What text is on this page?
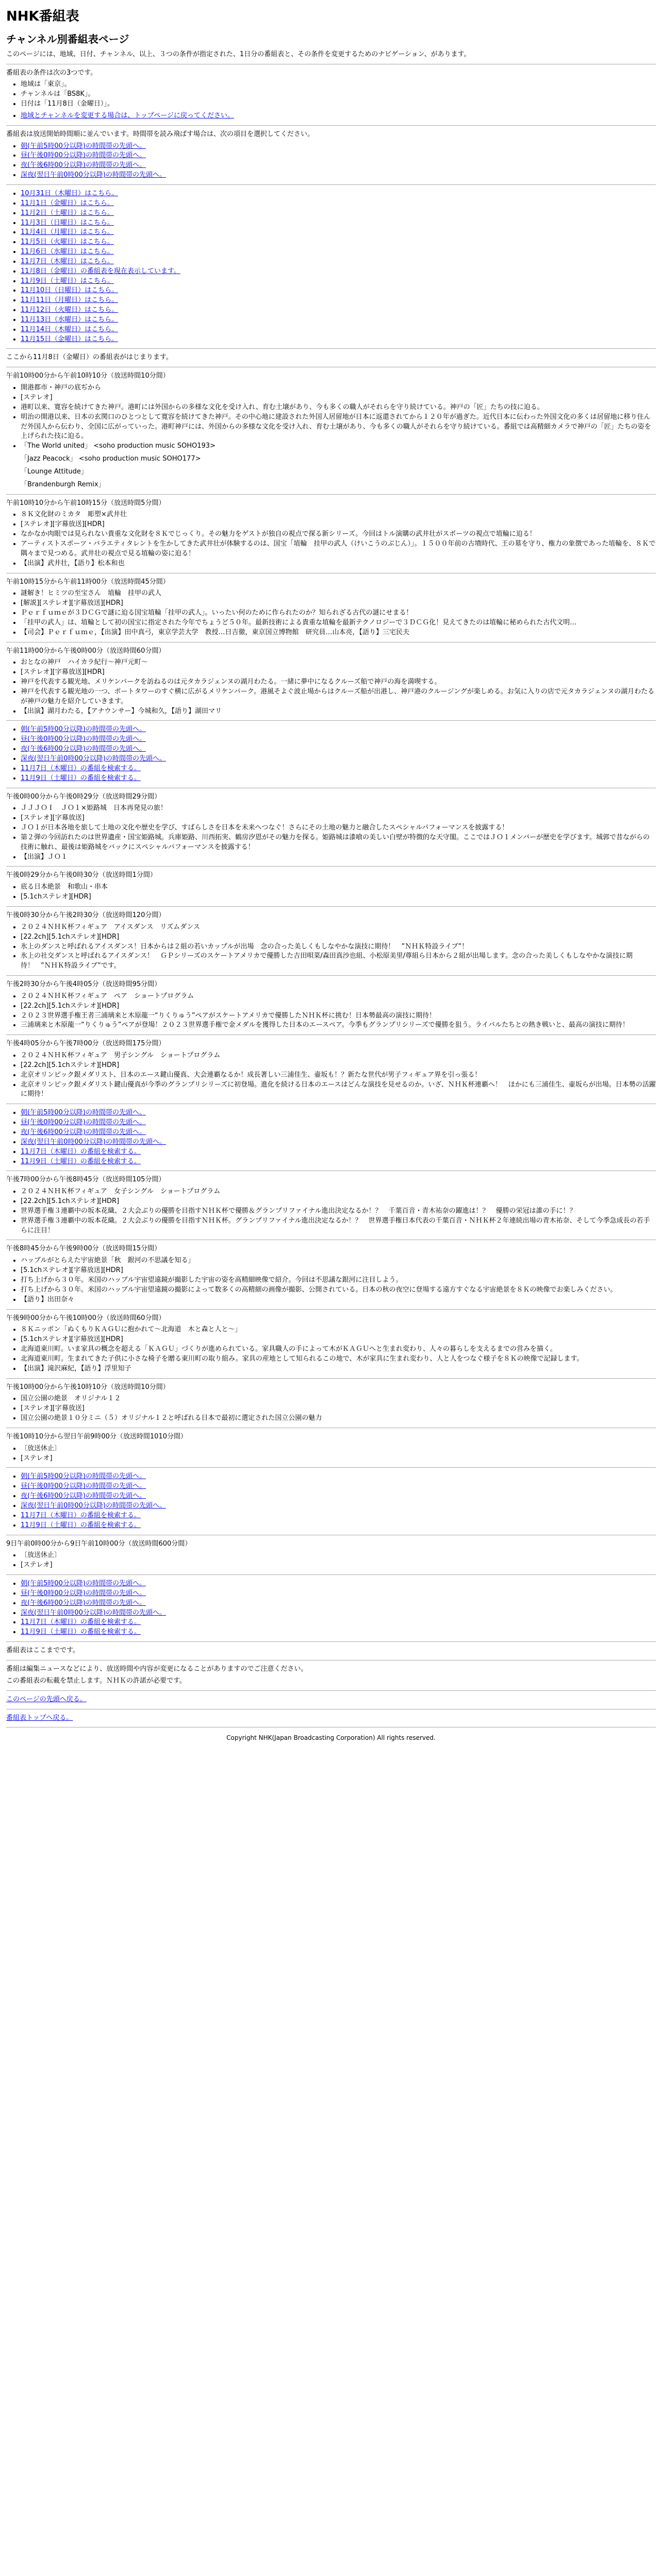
NHK番組表
チャンネル別番組表ページ

このページには、地域、日付、チャンネル、以上、３つの条件が指定された、1日分の番組表と、その条件を変更するためのナビゲーション、があります。

番組表の条件は次の3つです。

• 地域は「東京」。
• チャンネルは「BS8K」。
• 日付は「11月8日（金曜日）」。
• 地域とチャンネルを変更する場合は、トップページに戻ってください。

番組表は放送開始時間順に並んでいます。時間帯を読み飛ばす場合は、次の項目を選択してください。

• 朝(午前5時00分以降)の時間帯の先頭へ。
• 昼(午後0時00分以降)の時間帯の先頭へ。
• 夜(午後6時00分以降)の時間帯の先頭へ。
• 深夜(翌日午前0時00分以降)の時間帯の先頭へ。
• 10月31日（木曜日）はこちら。
• 11月1日（金曜日）はこちら。
• 11月2日（土曜日）はこちら。
• 11月3日（日曜日）はこちら。
• 11月4日（月曜日）はこちら。
• 11月5日（火曜日）はこちら。
• 11月6日（水曜日）はこちら。
• 11月7日（木曜日）はこちら。
• 11月8日（金曜日）の番組表を現在表示しています。
• 11月9日（土曜日）はこちら。
• 11月10日（日曜日）はこちら。
• 11月11日（月曜日）はこちら。
• 11月12日（火曜日）はこちら。
• 11月13日（水曜日）はこちら。
• 11月14日（木曜日）はこちら。
• 11月15日（金曜日）はこちら。

ここから11月8日（金曜日）の番組表がはじまります。

午前10時00分から午前10時10分（放送時間10分間）

• 開港都市・神戸の底ぢから
• [ステレオ]
• 港町以来、寛容を続けてきた神戸。港町には外国からの多様な文化を受け入れ、育む土壌があり、今も多くの職人がそれらを守り続けている。神戸の「匠」たちの技に迫る。
• 明治の開港以来、日本の玄関口のひとつとして寛容を続けてきた神戸。その中心地に建設された外国人居留地が日本に返還されてから１２０年が過ぎた。近代日本に伝わった外国文化の多くは居留地に移り住んだ外国人から伝わり、全国に広がっていった。港町神戸には、外国からの多様な文化を受け入れ、育む土壌があり、今も多くの職人がそれらを守り続けている。番組では高精細カメラで神戸の「匠」たちの姿を上げられた技に迫る。
• 「The World united」 <soho production music SOHO193>
「Jazz Peacock」 <soho production music SOHO177>
「Lounge Attitude」
「Brandenburgh Remix」

午前10時10分から午前10時15分（放送時間5分間）

• ８Ｋ文化財のミカタ　彫塑×武井壮
• [ステレオ][字幕放送][HDR]
• なかなか肉眼では見られない貴重な文化財を８Ｋでじっくり。その魅力をゲストが独自の視点で探る新シリーズ。今回はトル演購の武井壮がスポーツの視点で埴輪に迫る！
• アーティストスポーツ・バラエティタレントを生かしてきた武井壮が体験するのは、国宝「埴輪　挂甲の武人（けいこうのぶじん）」。１５００年前の古墳時代、王の墓を守り、権力の象徴であった埴輪を、８Ｋで隅々まで見つめる。武井壮の視点で見る埴輪の姿に迫る！
• 【出演】武井壮，【語り】松本和也

午前10時15分から午前11時00分（放送時間45分間）

• 謎解き！ヒミツの至宝さん　埴輪　挂甲の武人
• [解説][ステレオ][字幕放送][HDR]
• Ｐｅｒｆｕｍｅが３ＤＣＧで謎に迫る国宝埴輪「挂甲の武人」。いったい何のために作られたのか？知られざる古代の謎にせまる！
• 「挂甲の武人」は、埴輪として初の国宝に指定された今年でちょうど５０年。最新技術による貴重な埴輪を最新テクノロジーで３ＤＣＧ化！見えてきたのは埴輪に秘められた古代文明…
• 【司会】Ｐｅｒｆｕｍｅ，【出演】田中真弓，東京学芸大学　教授…日吉徹，東京国立博物館　研究員…山本亮，【語り】三宅民夫

午前11時00分から午後0時00分（放送時間60分間）

• おとなの神戸　ハイカラ紀行〜神戸元町〜
• [ステレオ][字幕放送][HDR]
• 神戸を代表する観光地、メリケンパークを訪ねるのは元タカラジェンヌの湖月わたる。一緒に夢中になるクルーズ船で神戸の海を満喫する。
• 神戸を代表する観光地の一つ、ポートタワーのすぐ横に広がるメリケンパーク。港風そよぐ波止場からはクルーズ船が出港し、神戸港のクルージングが楽しめる。お気に入りの店で元タカラジェンヌの湖月わたるが神戸の魅力を紹介していきます。
• 【出演】湖月わたる，【アナウンサー】今城和久，【語り】湖田マリ
• 朝(午前5時00分以降)の時間帯の先頭へ。
• 昼(午後0時00分以降)の時間帯の先頭へ。
• 夜(午後6時00分以降)の時間帯の先頭へ。
• 深夜(翌日午前0時00分以降)の時間帯の先頭へ。
• 11月7日（木曜日）の番組を検索する。
• 11月9日（土曜日）の番組を検索する。

午後0時00分から午後0時29分（放送時間29分間）

• ＪＪＪＯＩ　ＪＯ１×姫路城　日本再発見の旅！
• [ステレオ][字幕放送]
• ＪＯ１が日本各地を旅して土地の文化や歴史を学び、すばらしさを日本を未来へつなぐ！さらにその土地の魅力と融合したスペシャルパフォーマンスを披露する！
• 第２弾の今回訪れたのは世界遺産・国宝姫路城。兵庫姫路、川西拓実、鶴房汐恩がその魅力を探る。姫路城は漆喰の美しい白壁が特徴的な天守閣。ここではＪＯ１メンバーが歴史を学びます。城郭で昔ながらの技術に触れ、最後は姫路城をバックにスペシャルパフォーマンスを披露する！
• 【出演】ＪＯ１

午後0時29分から午後0時30分（放送時間1分間）

• 底る日本絶景　和歌山・串本
• [5.1chステレオ][HDR]

午後0時30分から午後2時30分（放送時間120分間）

• ２０２４ＮＨＫ杯フィギュア　アイスダンス　リズムダンス
• [22.2ch][5.1chステレオ][HDR]
• 氷上のダンスと呼ばれるアイスダンス！日本からは２組の若いカップルが出場　念の合った美しくもしなやかな演技に期待！　”ＮＨＫ特設ライブ”！
• 氷上の社交ダンスと呼ばれるアイスダンス！　ＧＰシリーズのスケートアメリカで優勝した吉田唄菜/森田真沙也組、小松原美里/尊組ら日本から２組が出場します。念の合った美しくもしなやかな演技に期待！　”ＮＨＫ特設ライブ”です。

午後2時30分から午後4時05分（放送時間95分間）

• ２０２４ＮＨＫ杯フィギュア　ペア　ショートプログラム
• [22.2ch][5.1chステレオ][HDR]
• ２０２３世界選手権王者三浦璃来と木原龍一“りくりゅう”ペアがスケートアメリカで優勝したＮＨＫ杯に挑む！日本勢最高の演技に期待！
• 三浦璃来と木原龍一“りくりゅう”ペアが登場！２０２３世界選手権で金メダルを獲得した日本のエースペア。今季もグランプリシリーズで優勝を狙う。ライバルたちとの熱き戦いと、最高の演技に期待！

午後4時05分から午後7時00分（放送時間175分間）

• ２０２４ＮＨＫ杯フィギュア　男子シングル　ショートプログラム
• [22.2ch][5.1chステレオ][HDR]
• 北京オリンピック銀メダリスト、日本のエース鍵山優真、大会連覇なるか！成長著しい三浦佳生、壷坂も！？新たな世代が男子フィギュア界を引っ張る！
• 北京オリンピック銀メダリスト鍵山優真が今季のグランプリシリーズに初登場。進化を続ける日本のエースはどんな演技を見せるのか。いざ、ＮＨＫ杯連覇へ！　ほかにも三浦佳生、壷坂らが出場。日本勢の活躍に期待！
• 朝(午前5時00分以降)の時間帯の先頭へ。
• 昼(午後0時00分以降)の時間帯の先頭へ。
• 夜(午後6時00分以降)の時間帯の先頭へ。
• 深夜(翌日午前0時00分以降)の時間帯の先頭へ。
• 11月7日（木曜日）の番組を検索する。
• 11月9日（土曜日）の番組を検索する。

午後7時00分から午後8時45分（放送時間105分間）

• ２０２４ＮＨＫ杯フィギュア　女子シングル　ショートプログラム
• [22.2ch][5.1chステレオ][HDR]
• 世界選手権３連覇中の坂本花織、２大会ぶりの優勝を目指すＮＨＫ杯で優勝＆グランプリファイナル進出決定なるか！？　千葉百音・青木祐奈の躍進は！？　優勝の栄冠は誰の手に！？
• 世界選手権３連覇中の坂本花織。２大会ぶりの優勝を目指すＮＨＫ杯。グランプリファイナル進出決定なるか！？　世界選手権日本代表の千葉百音・ＮＨＫ杯２年連続出場の青木祐奈、そして今季急成長の若手らに注目！

午後8時45分から午後9時00分（放送時間15分間）

• ハッブルがとらえた宇宙絶景「秋　銀河の不思議を知る」
• [5.1chステレオ][字幕放送][HDR]
• 打ち上げから３０年。米国のハッブル宇宙望遠鏡が撮影した宇宙の姿を高精細映像で紹介。今回は不思議な銀河に注目しよう。
• 打ち上げから３０年。米国のハッブル宇宙望遠鏡の撮影によって数多くの高精細の画像が撮影、公開されている。日本の秋の夜空に登場する遠方すぐなる宇宙絶景を８Ｋの映像でお楽しみください。
• 【語り】出田奈々

午後9時00分から午後10時00分（放送時間60分間）

• ８Ｋニッポン「ぬくもりＫＡＧＵに抱かれて〜北海道　木と森と人と〜」
• [5.1chステレオ][字幕放送][HDR]
• 北海道東川町。いま家具の概念を超える「ＫＡＧＵ」づくりが進められている。家具職人の手によって木がＫＡＧＵへと生まれ変わり、人々の暮らしを支えるまでの営みを描く。
• 北海道東川町。生まれてきた子供に小さな椅子を贈る東川町の取り組み。家具の産地として知られるこの地で、木が家具に生まれ変わり、人と人をつなぐ様子を８Ｋの映像で記録します。
• 【出演】滝沢麻紀，【語り】浮里知子

午後10時00分から午後10時10分（放送時間10分間）

• 国立公園の絶景　オリジナル１２
• [ステレオ][字幕放送]
• 国立公園の絶景１０分ミニ（５）オリジナル１２と呼ばれる日本で最初に選定された国立公園の魅力

午後10時10分から翌日午前9時00分（放送時間1010分間）

• 〔放送休止〕
• [ステレオ]
• 朝(午前5時00分以降)の時間帯の先頭へ。
• 昼(午後0時00分以降)の時間帯の先頭へ。
• 夜(午後6時00分以降)の時間帯の先頭へ。
• 深夜(翌日午前0時00分以降)の時間帯の先頭へ。
• 11月7日（木曜日）の番組を検索する。
• 11月9日（土曜日）の番組を検索する。

9日午前0時00分から9日午前10時00分（放送時間600分間）

• 〔放送休止〕
• [ステレオ]
• 朝(午前5時00分以降)の時間帯の先頭へ。
• 昼(午後0時00分以降)の時間帯の先頭へ。
• 夜(午後6時00分以降)の時間帯の先頭へ。
• 深夜(翌日午前0時00分以降)の時間帯の先頭へ。
• 11月7日（木曜日）の番組を検索する。
• 11月9日（土曜日）の番組を検索する。

番組表はここまでです。

番組は編集ニュースなどにより、放送時間や内容が変更になることがありますのでご注意ください。

この番組表の転載を禁止します。ＮＨＫの許諾が必要です。

このページの先頭へ戻る。

番組表トップへ戻る。

Copyright NHK(Japan Broadcasting Corporation) All rights reserved.
